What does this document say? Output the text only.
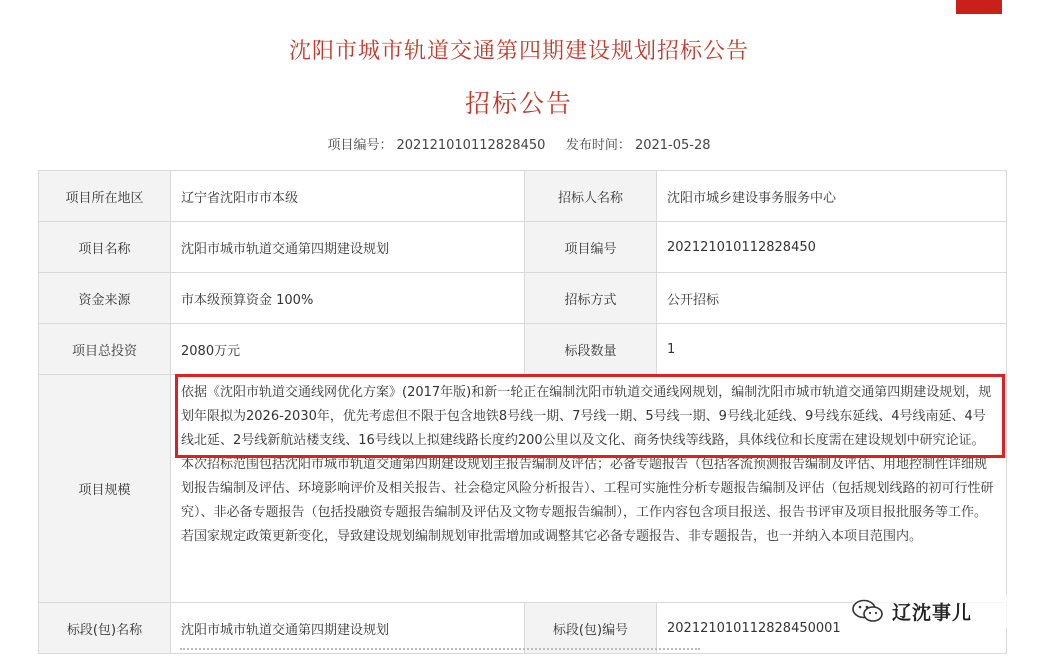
沈阳市城市轨道交通第四期建设规划招标公告
招标公告
项目编号： 202121010112828450 发布时间： 2021-05-28
项目所在地区	辽宁省沈阳市市本级	招标人名称	沈阳市城乡建设事务服务中心
项目名称	沈阳市城市轨道交通第四期建设规划	项目编号	202121010112828450
资金来源	市本级预算资金 100%	招标方式	公开招标
项目总投资	2080万元	标段数量	1
项目规模	依据《沈阳市轨道交通线网优化方案》(2017年版)和新一轮正在编制沈阳市轨道交通线网规划，编制沈阳市城市轨道交通第四期建设规划，规划年限拟为2026-2030年，优先考虑但不限于包含地铁8号线一期、7号线一期、5号线一期、9号线北延线、9号线东延线、4号线南延、4号线北延、2号线新航站楼支线、16号线以上拟建线路长度约200公里以及文化、商务快线等线路，具体线位和长度需在建设规划中研究论证。本次招标范围包括沈阳市城市轨道交通第四期建设规划主报告编制及评估；必备专题报告（包括客流预测报告编制及评估、用地控制性详细规划报告编制及评估、环境影响评价及相关报告、社会稳定风险分析报告）、工程可实施性分析专题报告编制及评估（包括规划线路的初可行性研究）、非必备专题报告（包括投融资专题报告编制及评估及文物专题报告编制），工作内容包含项目报送、报告书评审及项目报批服务等工作。若国家规定政策更新变化，导致建设规划编制规划审批需增加或调整其它必备专题报告、非专题报告，也一并纳入本项目范围内。		
标段(包)名称	沈阳市城市轨道交通第四期建设规划	标段(包)编号	202121010112828450001
辽沈事儿
